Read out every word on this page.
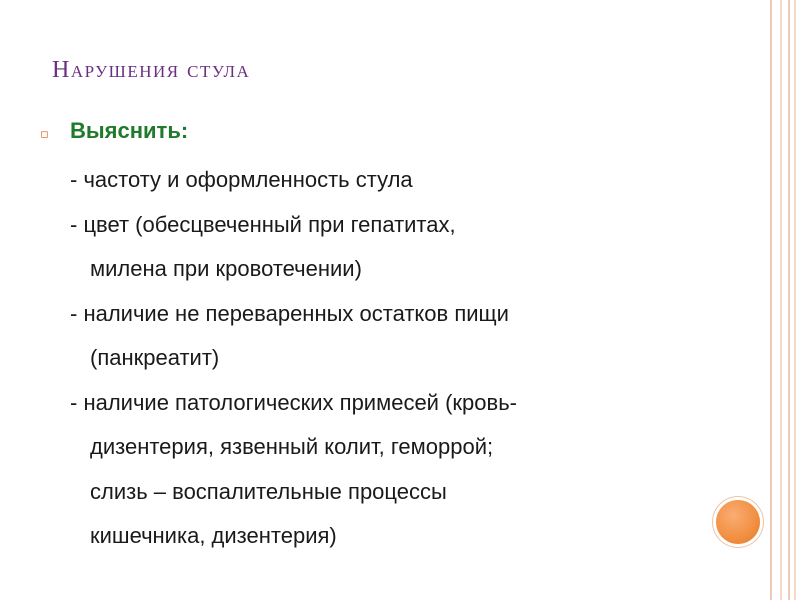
Нарушения стула
▫ Выяснить:
- частоту и оформленность стула
- цвет (обесцвеченный при гепатитах,
милена при кровотечении)
- наличие не переваренных остатков пищи
(панкреатит)
- наличие патологических примесей (кровь-
дизентерия, язвенный колит, геморрой;
слизь – воспалительные процессы
кишечника, дизентерия)
